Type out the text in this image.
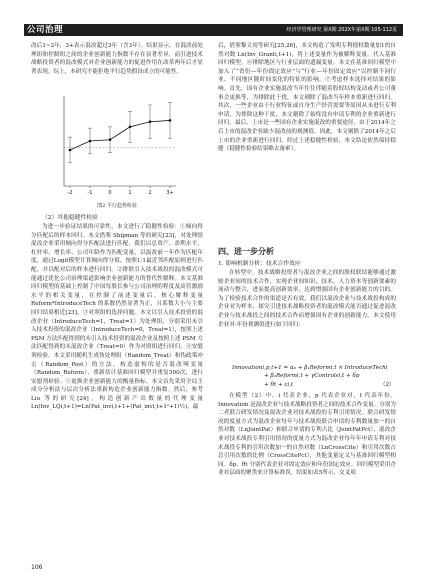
公司治理	经济学管理研究 第X期 202X年第X期 105-112页

改后1~2年，3+表示混改超过3年（含3年）。结果显示，在混改前处理组和控制组之间的企业创新能力指数不存在显著差异，而引进技术战略投资者的混改模式对企业创新能力的促进作用在改革两年后才显著表现。综上，本研究不能拒绝平行趋势假设成立的可能性。

-2	-1	0	1	2	3+
图2 平行趋势检验

（2）其他稳健性检验

为进一步验证结果的可靠性，本文进行了稳健性检验：①倾向得分匹配后的样本回归。本文借鉴 Shipman 等的研究[23]，对处理组混改企业采用倾向得分匹配法进行匹配。我们以总资产、盈利水平、杠杆率、增长率、公司年龄作为匹配变量，以混改前一年作为匹配年度，通过Logit模型计算倾向得分值，按照1:1最近邻匹配原则进行匹配，并以配对后的样本进行回归。②排除引入技术战投的混改模式可能通过优化公司治理渠道影响企业创新能力的替代性解释。本文基准回归模型的基础上控制了中国每股长参与公司治理的程度及高管激励水平的相关变量，在控制了前述变量后，核心解释变量 Reform*IntroduceTech 的系数仍然显著为正，且系数大小与主要回归结果相近[23]。③对照组的选择问题。本文以引入技术投资的混改企业（IntroduceTech=1，Treat=1）为处理组，分别采用未引入技术投资的混改企业（IntroduceTech=0，Treat=1），按照上述 PSM 方法匹配得到的未引入技术投资的混改企业及按照上述 PSM 方法匹配得到的未混改企业（Treat=0）作为对照组进行回归。④安慰剂检验。本文采用随机生成伪处理组（Random_Treat）和伪政策冲击（Random_Post）的方法，构造虚构的是否混改哑变量（Random_Reform），重新估计基准回归模型并重复500次，进行安慰剂检验。⑤更换企业创新能力的衡量指标。本文首先采用全局主成分分析法与层次分析法重新构造企业创新能力指数。然后，参考 Liu 等的研究[24]，构造创新产出数量的代理变量 Ln(Inv_LQi,t+1)=Ln(Pat_invi,t+1+(Pat_invi,t+1²+1)½)，最

后，借鉴黎文靖等研究[25,26]，本文构造了发明专利授权数量加1的自然对数 Ln(Inv_Granti,t+1)，将上述变量作为被解释变量，代入基准回归模型。⑥排除地区与行业层面的遗漏变量。本文在基准回归模型中加入了“省份—年份固定效应”与“行业—年份固定效应”以控制不同行业、不同地区随时间变化的特征的影响。⑦考虑样本选择对结果的影响。首先，国有企业实施混改当年往往伴随着股权结构变动或者公司董事会更换等，为排除此干扰，本文剔除了混改当年样本重新进行回归。其次，一些企业由于行业特征或自身生产经营需要等原因从未进行专利申请，为排除这种干扰，本文剔除了始终没有申请专利的企业重新进行回归。最后，上市是一些国有企业实施混改的重要途径，由于2014年之后上市的混改企业缺少混改前的观测值，因此，本文剔除了2014年之后上市的企业重新进行回归。经过上述稳健性检验，本文结论依然保持稳健（稳健性检验结果略去备索）。

四、进一步分析

1. 影响机制分析：技术合作效应

在转型中，技术战略投资者与混改企业之间的股权联结能够通过激励企业间的技术合作，实现企业间知识、技术、人力资本等创新要素的流动与整合，进而提高创新效率，达到增强国有企业创新能力的目的。为了检验技术合作的渠道是否有效，我们以混改企业与技术战投构成的企业对为样本，探究引进技术战略投资者的混改模式能否通过促进混改企业与技术战投之间的技术合作而增强国有企业的创新能力。本文使用企业对-年份观测值进行如下回归：

Innovationi,p,t+1 = α₀ + β₁Reformi,t × IntroduceTechi
+ β₂Reformi,t + γControlsi,t + δp
+ θt + εi,t	（2）

在模型（2）中，i 代表企业，p 代表企业对，t 代表年份。Innovation 是混改企业与技术战略投资者之间的技术合作变量。分别为二者联合研发情况及混改企业对技术战投的专利引用情况。联合研发情况的度量方式为混改企业每年与技术战投联合申请的专利数量加一的自然对数（LnJointPat）和联合申请的专利占比（JointPatPct），混改企业对技术战投专利引用情况的度量方式为混改企业每年年申请专利对技术战投专利的引用次数加一的自然对数（LnCrossCite）和引用次数占总引用次数的比例（CrossCitePct），其他变量定义与基准回归模型相同。δp、θt 分别代表企业对固定效应和年份固定效应。回归模型采用企业对层面的聚类来计算标准误。结果如表5所示，交叉项

106
